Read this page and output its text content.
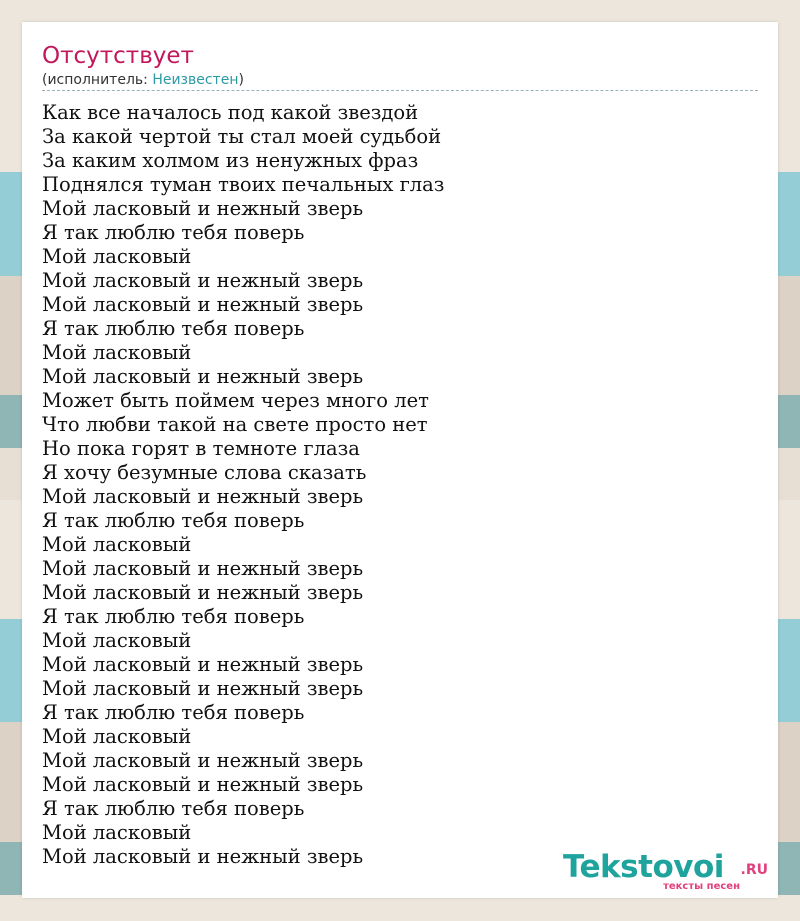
Отсутствует
(исполнитель: Неизвестен)
Как все началось под какой звездой
За какой чертой ты стал моей судьбой
За каким холмом из ненужных фраз
Поднялся туман твоих печальных глаз
Мой ласковый и нежный зверь
Я так люблю тебя поверь
Мой ласковый
Мой ласковый и нежный зверь
Мой ласковый и нежный зверь
Я так люблю тебя поверь
Мой ласковый
Мой ласковый и нежный зверь
Может быть поймем через много лет
Что любви такой на свете просто нет
Но пока горят в темноте глаза
Я хочу безумные слова сказать
Мой ласковый и нежный зверь
Я так люблю тебя поверь
Мой ласковый
Мой ласковый и нежный зверь
Мой ласковый и нежный зверь
Я так люблю тебя поверь
Мой ласковый
Мой ласковый и нежный зверь
Мой ласковый и нежный зверь
Я так люблю тебя поверь
Мой ласковый
Мой ласковый и нежный зверь
Мой ласковый и нежный зверь
Я так люблю тебя поверь
Мой ласковый
Мой ласковый и нежный зверь	Tekstovoi .RU
тексты песен
